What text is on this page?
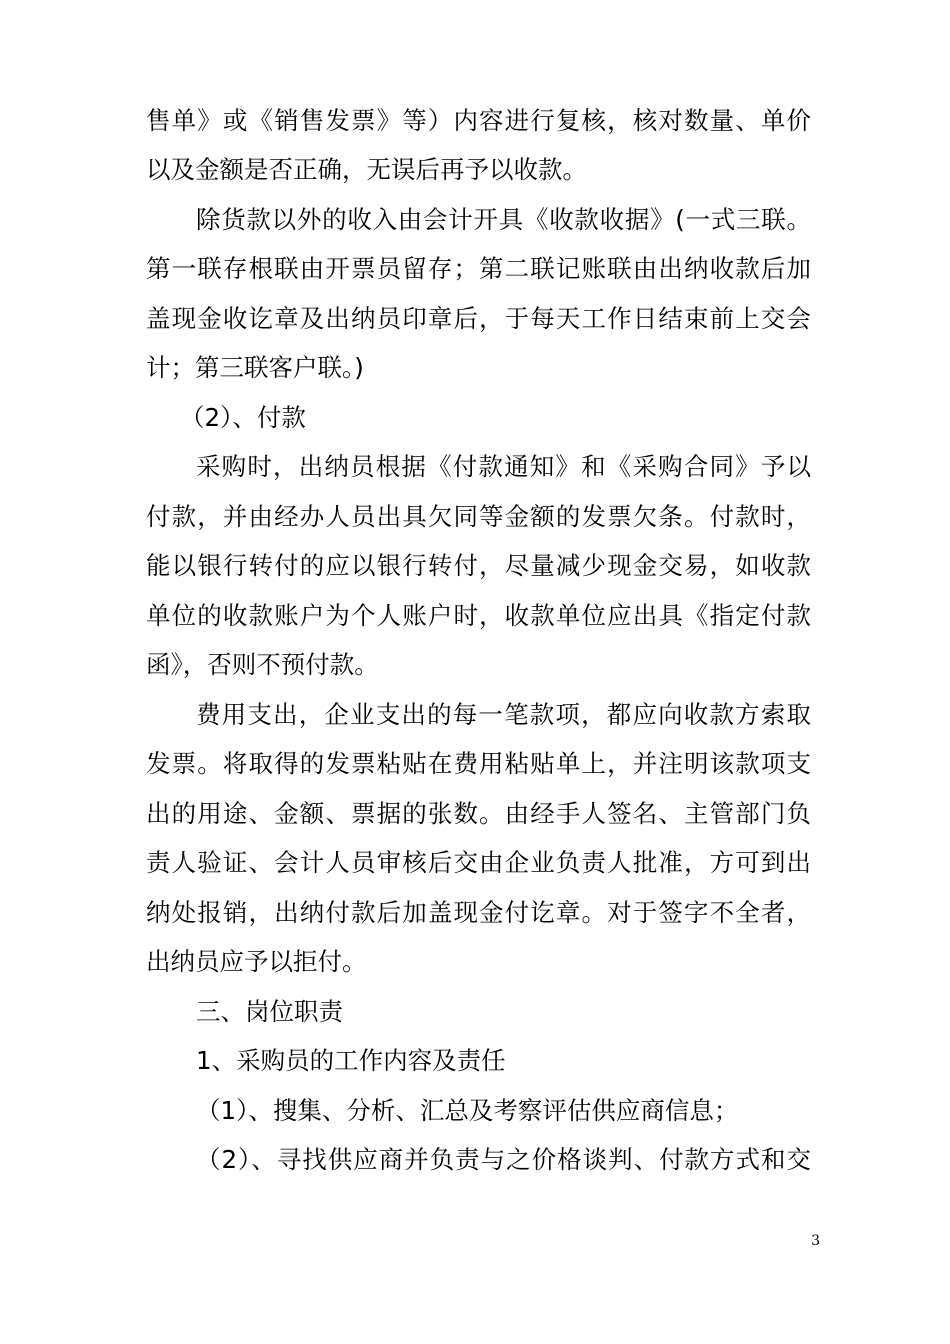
售单》或《销售发票》等）内容进行复核，核对数量、单价
以及金额是否正确，无误后再予以收款。
除货款以外的收入由会计开具《收款收据》(一式三联。
第一联存根联由开票员留存；第二联记账联由出纳收款后加
盖现金收讫章及出纳员印章后，于每天工作日结束前上交会
计；第三联客户联。)
（2）、付款
采购时，出纳员根据《付款通知》和《采购合同》予以
付款，并由经办人员出具欠同等金额的发票欠条。付款时，
能以银行转付的应以银行转付，尽量减少现金交易，如收款
单位的收款账户为个人账户时，收款单位应出具《指定付款
函》，否则不预付款。
费用支出，企业支出的每一笔款项，都应向收款方索取
发票。将取得的发票粘贴在费用粘贴单上，并注明该款项支
出的用途、金额、票据的张数。由经手人签名、主管部门负
责人验证、会计人员审核后交由企业负责人批准，方可到出
纳处报销，出纳付款后加盖现金付讫章。对于签字不全者，
出纳员应予以拒付。
三、岗位职责
1、采购员的工作内容及责任
（1）、搜集、分析、汇总及考察评估供应商信息；
（2）、寻找供应商并负责与之价格谈判、付款方式和交
3
